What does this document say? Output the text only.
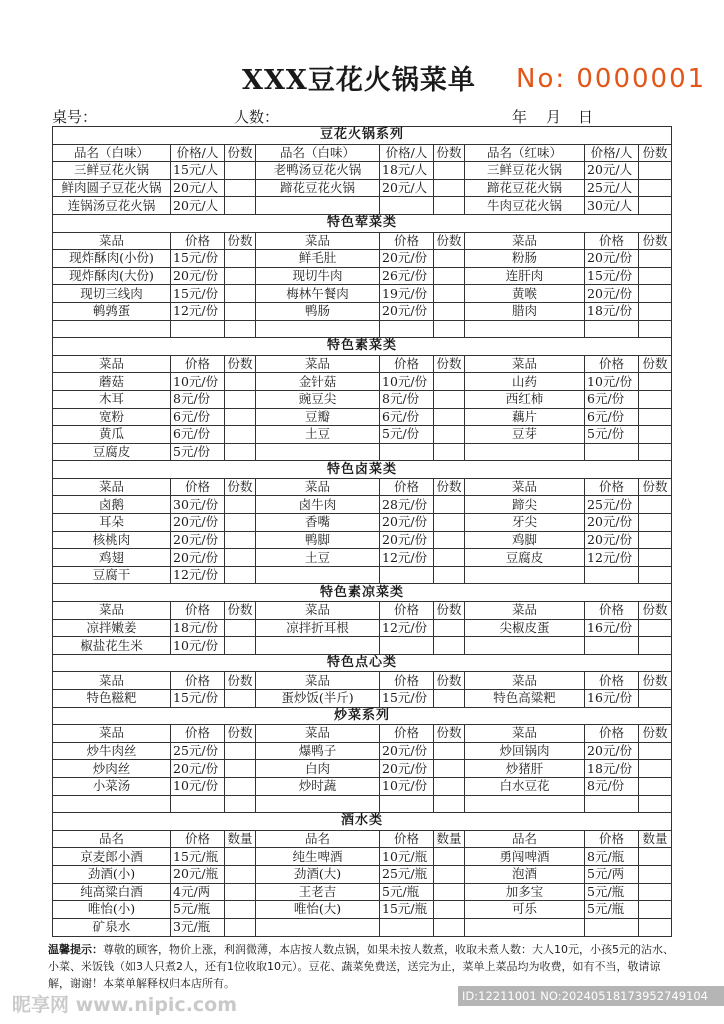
XXX豆花火锅菜单 No: 0000001
桌号：	人数：	年 月 日
豆花火锅系列								
品名（白味）	价格/人	份数	品名（白味）	价格/人	份数	品名（红味）	价格/人	份数
三鲜豆花火锅	15元/人		老鸭汤豆花火锅	18元/人		三鲜豆花火锅	20元/人	
鲜肉圆子豆花火锅	20元/人		蹄花豆花火锅	20元/人		蹄花豆花火锅	25元/人	
连锅汤豆花火锅	20元/人					牛肉豆花火锅	30元/人	
特色荤菜类								
菜品	价格	份数	菜品	价格	份数	菜品	价格	份数
现炸酥肉(小份)	15元/份		鲜毛肚	20元/份		粉肠	20元/份	
现炸酥肉(大份)	20元/份		现切牛肉	26元/份		连肝肉	15元/份	
现切三线肉	15元/份		梅林午餐肉	19元/份		黄喉	20元/份	
鹌鹑蛋	12元/份		鸭肠	20元/份		腊肉	18元/份	

特色素菜类								
菜品	价格	份数	菜品	价格	份数	菜品	价格	份数
蘑菇	10元/份		金针菇	10元/份		山药	10元/份	
木耳	8元/份		豌豆尖	8元/份		西红柿	6元/份	
宽粉	6元/份		豆瓣	6元/份		藕片	6元/份	
黄瓜	6元/份		土豆	5元/份		豆芽	5元/份	
豆腐皮	5元/份							
特色卤菜类								
菜品	价格	份数	菜品	价格	份数	菜品	价格	份数
卤鹅	30元/份		卤牛肉	28元/份		蹄尖	25元/份	
耳朵	20元/份		香嘴	20元/份		牙尖	20元/份	
核桃肉	20元/份		鸭脚	20元/份		鸡脚	20元/份	
鸡翅	20元/份		土豆	12元/份		豆腐皮	12元/份	
豆腐干	12元/份							
特色素凉菜类								
菜品	价格	份数	菜品	价格	份数	菜品	价格	份数
凉拌嫩姜	18元/份		凉拌折耳根	12元/份		尖椒皮蛋	16元/份	
椒盐花生米	10元/份							
特色点心类								
菜品	价格	份数	菜品	价格	份数	菜品	价格	份数
特色糍粑	15元/份		蛋炒饭(半斤)	15元/份		特色高粱粑	16元/份	
炒菜系列								
菜品	价格	份数	菜品	价格	份数	菜品	价格	份数
炒牛肉丝	25元/份		爆鸭子	20元/份		炒回锅肉	20元/份	
炒肉丝	20元/份		白肉	20元/份		炒猪肝	18元/份	
小菜汤	10元/份		炒时蔬	10元/份		白水豆花	8元/份	

酒水类								
品名	价格	数量	品名	价格	数量	品名	价格	数量
京麦郎小酒	15元/瓶		纯生啤酒	10元/瓶		勇闯啤酒	8元/瓶	
劲酒(小)	20元/瓶		劲酒(大)	25元/瓶		泡酒	5元/两	
纯高粱白酒	4元/两		王老吉	5元/瓶		加多宝	5元/瓶	
唯怡(小)	5元/瓶		唯怡(大)	15元/瓶		可乐	5元/瓶	
矿泉水	3元/瓶							
温馨提示：尊敬的顾客，物价上涨，利润微薄，本店按人数点锅，如果未按人数煮，收取未煮人数：大人10元，小孩5元的沾水、小菜、米饭钱（如3人只煮2人，还有1位收取10元）。豆花、蔬菜免费送，送完为止，菜单上菜品均为收费，如有不当，敬请谅解，谢谢！本菜单解释权归本店所有。
昵享网 www.nipic.com	ID:12211001 NO:20240518173952749104
